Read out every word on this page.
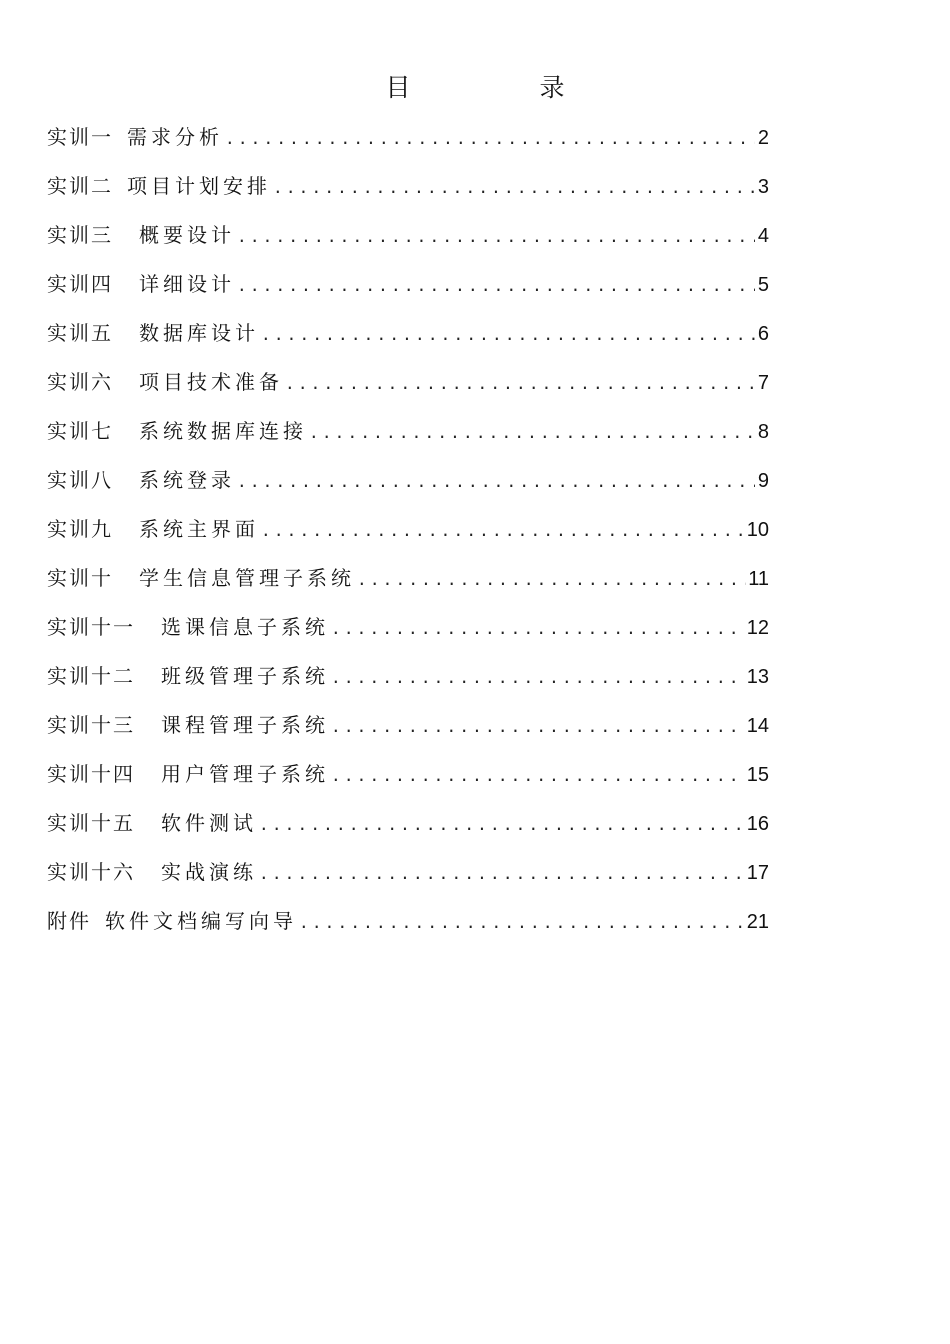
目　录
实训一 需求分析 .....	2
实训二 项目计划安排 .....	3
实训三 概要设计 .....	4
实训四 详细设计 .....	5
实训五 数据库设计 .....	6
实训六 项目技术准备 .....	7
实训七 系统数据库连接 .....	8
实训八 系统登录 .....	9
实训九 系统主界面 .....	10
实训十 学生信息管理子系统 .....	11
实训十一 选课信息子系统 .....	12
实训十二 班级管理子系统 .....	13
实训十三 课程管理子系统 .....	14
实训十四 用户管理子系统 .....	15
实训十五 软件测试 .....	16
实训十六 实战演练 .....	17
附件 软件文档编写向导 .....	21
